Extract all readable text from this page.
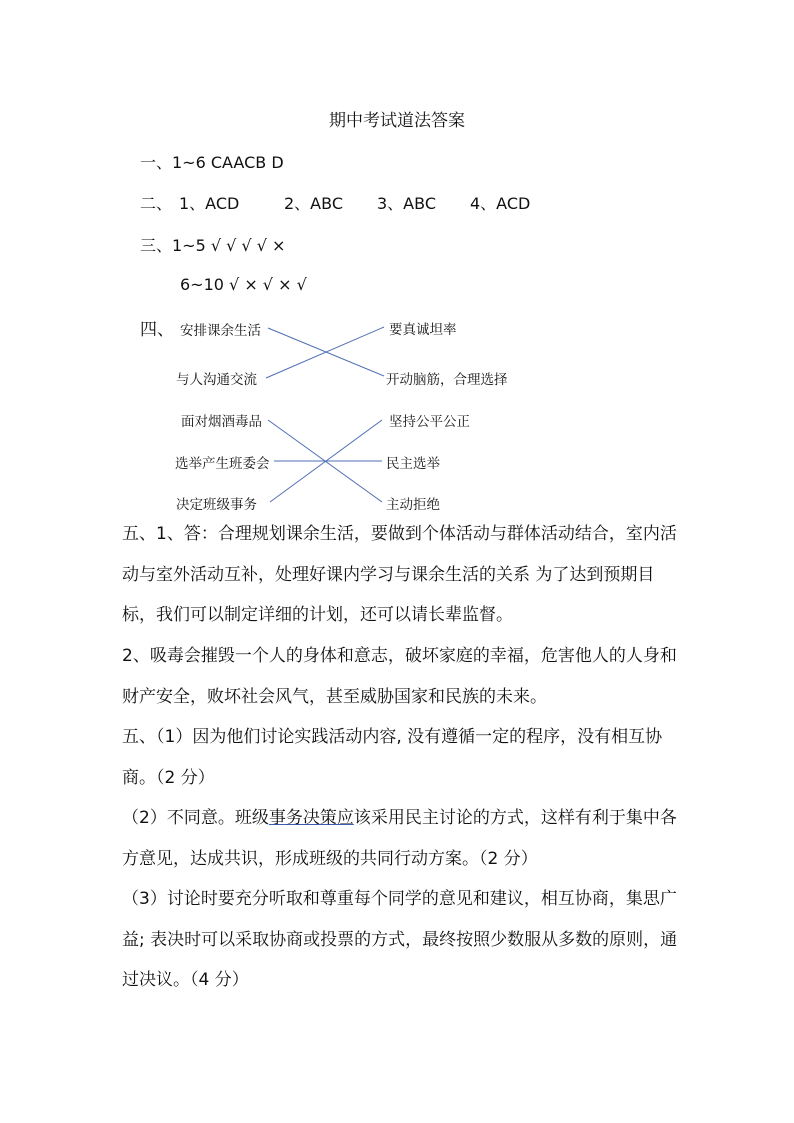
期中考试道法答案
一、1~6 CAACB D
二、 1、ACD	2、ABC 3、ABC 4、ACD
三、1~5 √ √ √ √ ×
6~10 √ × √ × √
四、 安排课余生活
与人沟通交流
要真诚坦率
开动脑筋，合理选择
面对烟酒毒品
选举产生班委会
决定班级事务
坚持公平公正
民主选举
主动拒绝
五、1、答：合理规划课余生活，要做到个体活动与群体活动结合，室内活动与室外活动互补，处理好课内学习与课余生活的关系 为了达到预期目标，我们可以制定详细的计划，还可以请长辈监督。
2、吸毒会摧毁一个人的身体和意志，破坏家庭的幸福，危害他人的人身和财产安全，败坏社会风气，甚至威胁国家和民族的未来。
五、（1）因为他们讨论实践活动内容, 没有遵循一定的程序，没有相互协商。（2 分）
（2）不同意。班级事务决策应该采用民主讨论的方式，这样有利于集中各方意见，达成共识，形成班级的共同行动方案。（2 分）
（3）讨论时要充分听取和尊重每个同学的意见和建议，相互协商，集思广益; 表决时可以采取协商或投票的方式，最终按照少数服从多数的原则，通过决议。（4 分）
